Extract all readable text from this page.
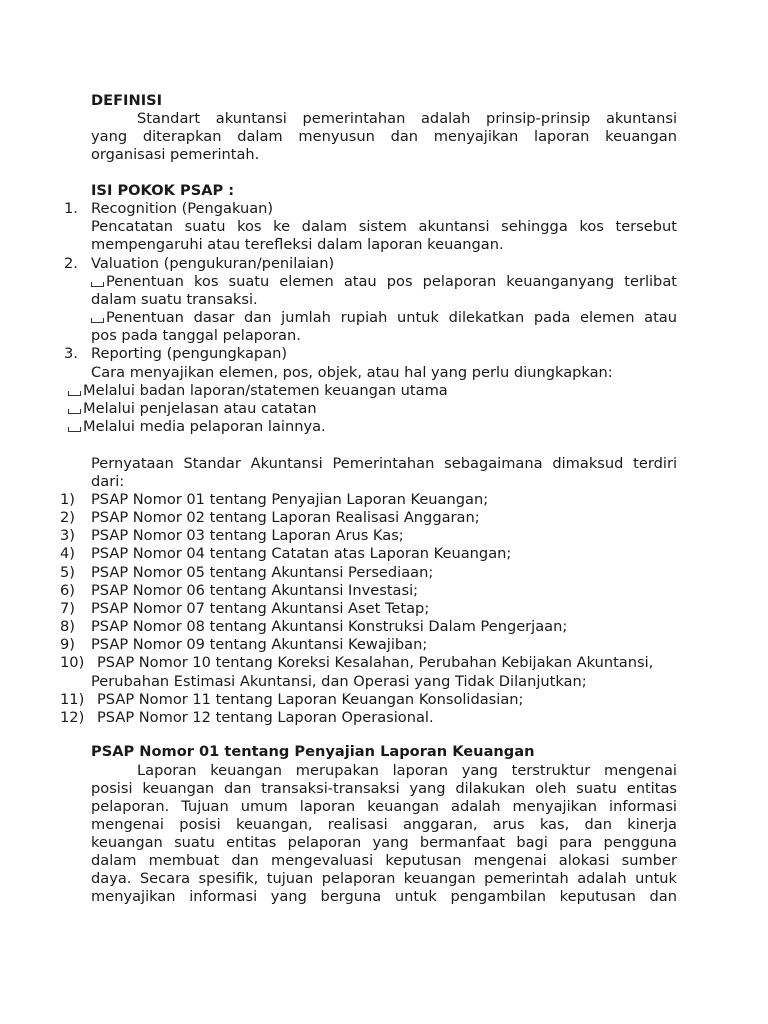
DEFINISI
Standart akuntansi pemerintahan adalah prinsip-prinsip akuntansi
yang diterapkan dalam menyusun dan menyajikan laporan keuangan
organisasi pemerintah.
ISI POKOK PSAP :
1. Recognition (Pengakuan)
Pencatatan suatu kos ke dalam sistem akuntansi sehingga kos tersebut
mempengaruhi atau terefleksi dalam laporan keuangan.
2. Valuation (pengukuran/penilaian)
Penentuan kos suatu elemen atau pos pelaporan keuanganyang terlibat
dalam suatu transaksi.
Penentuan dasar dan jumlah rupiah untuk dilekatkan pada elemen atau
pos pada tanggal pelaporan.
3. Reporting (pengungkapan)
Cara menyajikan elemen, pos, objek, atau hal yang perlu diungkapkan:
Melalui badan laporan/statemen keuangan utama
Melalui penjelasan atau catatan
Melalui media pelaporan lainnya.
Pernyataan Standar Akuntansi Pemerintahan sebagaimana dimaksud terdiri
dari:
1) PSAP Nomor 01 tentang Penyajian Laporan Keuangan;
2) PSAP Nomor 02 tentang Laporan Realisasi Anggaran;
3) PSAP Nomor 03 tentang Laporan Arus Kas;
4) PSAP Nomor 04 tentang Catatan atas Laporan Keuangan;
5) PSAP Nomor 05 tentang Akuntansi Persediaan;
6) PSAP Nomor 06 tentang Akuntansi Investasi;
7) PSAP Nomor 07 tentang Akuntansi Aset Tetap;
8) PSAP Nomor 08 tentang Akuntansi Konstruksi Dalam Pengerjaan;
9) PSAP Nomor 09 tentang Akuntansi Kewajiban;
10) PSAP Nomor 10 tentang Koreksi Kesalahan, Perubahan Kebijakan Akuntansi,
Perubahan Estimasi Akuntansi, dan Operasi yang Tidak Dilanjutkan;
11) PSAP Nomor 11 tentang Laporan Keuangan Konsolidasian;
12) PSAP Nomor 12 tentang Laporan Operasional.
PSAP Nomor 01 tentang Penyajian Laporan Keuangan
Laporan keuangan merupakan laporan yang terstruktur mengenai
posisi keuangan dan transaksi-transaksi yang dilakukan oleh suatu entitas
pelaporan. Tujuan umum laporan keuangan adalah menyajikan informasi
mengenai posisi keuangan, realisasi anggaran, arus kas, dan kinerja
keuangan suatu entitas pelaporan yang bermanfaat bagi para pengguna
dalam membuat dan mengevaluasi keputusan mengenai alokasi sumber
daya. Secara spesifik, tujuan pelaporan keuangan pemerintah adalah untuk
menyajikan informasi yang berguna untuk pengambilan keputusan dan
